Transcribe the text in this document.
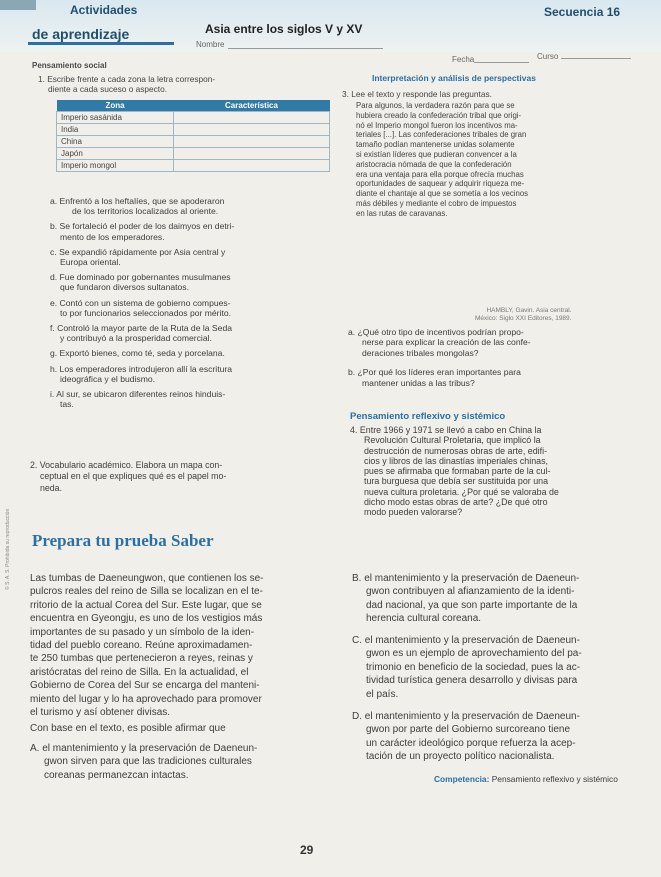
Actividades
de aprendizaje	Asia entre los siglos V y XV
Nombre
Secuencia 16
Fecha	Curso
Pensamiento social
Interpretación y análisis de perspectivas
1. Escribe frente a cada zona la letra correspon-
diente a cada suceso o aspecto.
Zona	Característica
Imperio sasánida	
India	
China	
Japón	
Imperio mongol	
a. Enfrentó a los heftalíes, que se apoderaron
de los territorios localizados al oriente.
b. Se fortaleció el poder de los daimyos en detri-
mento de los emperadores.
c. Se expandió rápidamente por Asia central y
Europa oriental.
d. Fue dominado por gobernantes musulmanes
que fundaron diversos sultanatos.
e. Contó con un sistema de gobierno compues-
to por funcionarios seleccionados por mérito.
f. Controló la mayor parte de la Ruta de la Seda
y contribuyó a la prosperidad comercial.
g. Exportó bienes, como té, seda y porcelana.
h. Los emperadores introdujeron allí la escritura
ideográfica y el budismo.
i. Al sur, se ubicaron diferentes reinos hinduis-
tas.
2. Vocabulario académico. Elabora un mapa con-
ceptual en el que expliques qué es el papel mo-
neda.
3. Lee el texto y responde las preguntas.
Para algunos, la verdadera razón para que se
hubiera creado la confederación tribal que origi-
nó el Imperio mongol fueron los incentivos ma-
teriales [...]. Las confederaciones tribales de gran
tamaño podían mantenerse unidas solamente
si existían líderes que pudieran convencer a la
aristocracia nómada de que la confederación
era una ventaja para ella porque ofrecía muchas
oportunidades de saquear y adquirir riqueza me-
diante el chantaje al que se sometía a los vecinos
más débiles y mediante el cobro de impuestos
en las rutas de caravanas.
HAMBLY, Gavin. Asia central.
México: Siglo XXI Editores, 1989.
a. ¿Qué otro tipo de incentivos podrían propo-
nerse para explicar la creación de las confe-
deraciones tribales mongolas?
b. ¿Por qué los líderes eran importantes para
mantener unidas a las tribus?
Pensamiento reflexivo y sistémico
4. Entre 1966 y 1971 se llevó a cabo en China la
Revolución Cultural Proletaria, que implicó la
destrucción de numerosas obras de arte, edifi-
cios y libros de las dinastías imperiales chinas,
pues se afirmaba que formaban parte de la cul-
tura burguesa que debía ser sustituida por una
nueva cultura proletaria. ¿Por qué se valoraba de
dicho modo estas obras de arte? ¿De qué otro
modo pueden valorarse?
Prepara tu prueba Saber
Las tumbas de Daeneungwon, que contienen los se-
pulcros reales del reino de Silla se localizan en el te-
rritorio de la actual Corea del Sur. Este lugar, que se
encuentra en Gyeongju, es uno de los vestigios más
importantes de su pasado y un símbolo de la iden-
tidad del pueblo coreano. Reúne aproximadamen-
te 250 tumbas que pertenecieron a reyes, reinas y
aristócratas del reino de Silla. En la actualidad, el
Gobierno de Corea del Sur se encarga del manteni-
miento del lugar y lo ha aprovechado para promover
el turismo y así obtener divisas.
Con base en el texto, es posible afirmar que
A. el mantenimiento y la preservación de Daeneun-
gwon sirven para que las tradiciones culturales
coreanas permanezcan intactas.
B. el mantenimiento y la preservación de Daeneun-
gwon contribuyen al afianzamiento de la identi-
dad nacional, ya que son parte importante de la
herencia cultural coreana.
C. el mantenimiento y la preservación de Daeneun-
gwon es un ejemplo de aprovechamiento del pa-
trimonio en beneficio de la sociedad, pues la ac-
tividad turística genera desarrollo y divisas para
el país.
D. el mantenimiento y la preservación de Daeneun-
gwon por parte del Gobierno surcoreano tiene
un carácter ideológico porque refuerza la acep-
tación de un proyecto político nacionalista.
Competencia: Pensamiento reflexivo y sistémico
© S. A. S. Prohibida su reproducción
29
